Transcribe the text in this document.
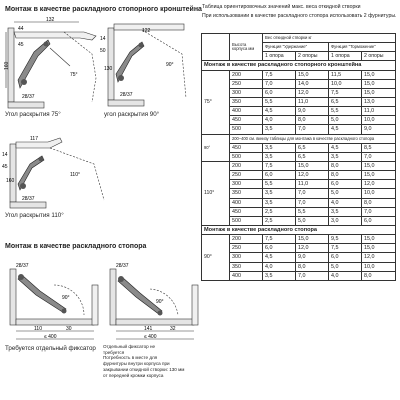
Монтаж в качестве раскладного стопорного кронштейна
132
44
45
160
75°
28/37
122
14
50
130
90°
28/37
Угол раскрытия 75°	угол раскрытия 90°
117
14
45
160
110°
28/37
Угол раскрытия 110°
Монтаж в качестве раскладного стопора
28/37
90°
110	30
≤ 400
28/37
90°
141	32
≤ 400
Требуется отдельный фиксатор Отдельный фиксатор не
требуется
Потребность в месте для
фурнитуры внутри корпуса при
закрывании откидной створки: 130 мм
от передней кромки корпуса
Таблица ориентировочных значений макс. веса откидной створки
При использовании в качестве раскладного стопора использовать 2 фурнитуры.
	Высота корпуса мм	Вес откидной створки кг			
		Функция "Удержание"		Функция "Торможение"	
		1 опора	2 опоры	1 опора	2 опоры
Монтаж в качестве раскладного стопорного кронштейна					
75°	200	7,5	15,0	11,5	15,0
	250	7,0	14,0	10,0	15,0
	300	6,0	12,0	7,5	15,0
	350	5,5	11,0	6,5	13,0
	400	4,5	9,0	5,5	11,0
	450	4,0	8,0	5,0	10,0
	500	3,5	7,0	4,5	9,0
90°	200–400 см. вкнизу таблицы для монтажа в качестве раскладного стопора				
	450	3,5	6,5	4,5	8,5
	500	3,5	6,5	3,5	7,0
110°	200	7,5	15,0	8,0	15,0
	250	6,0	12,0	8,0	15,0
	300	5,5	11,0	6,0	12,0
	350	3,5	7,0	5,0	10,0
	400	3,5	7,0	4,0	8,0
	450	2,5	5,5	3,5	7,0
	500	2,5	5,0	3,0	6,0
Монтаж в качестве раскладного стопора					
90°	200	7,5	15,0	9,5	15,0
	250	6,0	12,0	7,5	15,0
	300	4,5	9,0	6,0	12,0
	350	4,0	8,0	5,0	10,0
	400	3,5	7,0	4,0	8,0
